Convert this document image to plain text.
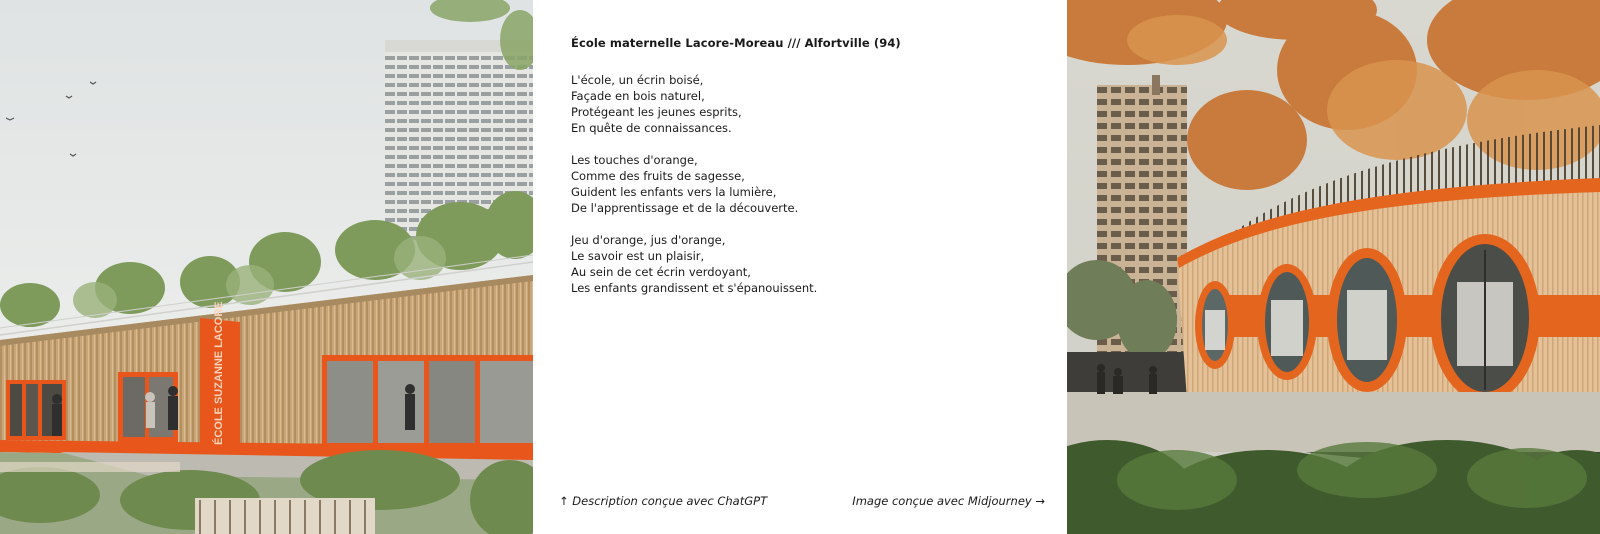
ÉCOLE SUZANNE LACORE
École maternelle Lacore-Moreau /// Alfortville (94)
L'école, un écrin boisé,
Façade en bois naturel,
Protégeant les jeunes esprits,
En quête de connaissances.
Les touches d'orange,
Comme des fruits de sagesse,
Guident les enfants vers la lumière,
De l'apprentissage et de la découverte.
Jeu d'orange, jus d'orange,
Le savoir est un plaisir,
Au sein de cet écrin verdoyant,
Les enfants grandissent et s'épanouissent.
↑ Description conçue avec ChatGPT	Image conçue avec Midjourney →
